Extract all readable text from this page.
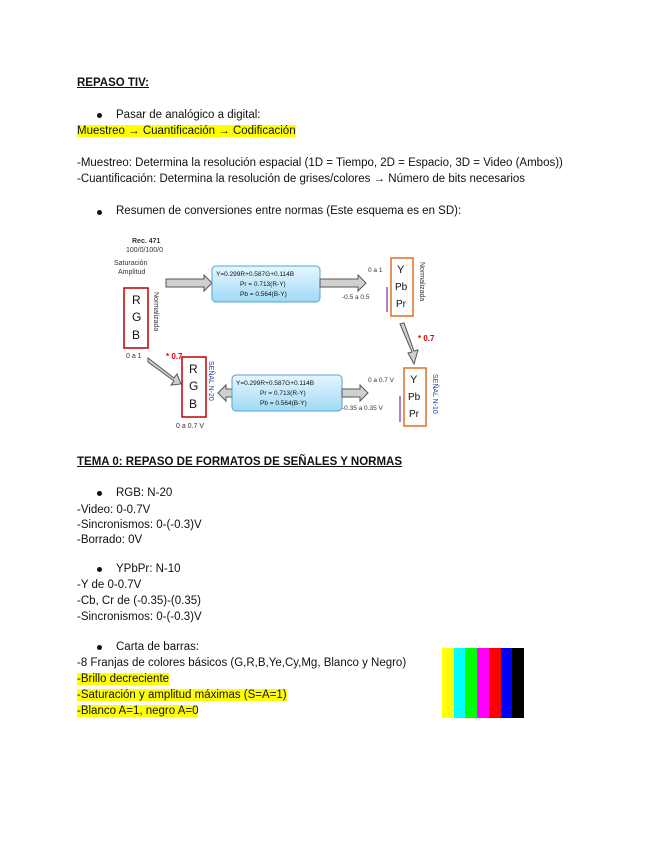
REPASO TIV:
Pasar de analógico a digital:
Muestreo → Cuantificación → Codificación
-Muestreo: Determina la resolución espacial (1D = Tiempo, 2D = Espacio, 3D = Video (Ambos))
-Cuantificación: Determina la resolución de grises/colores → Número de bits necesarios
Resumen de conversiones entre normas (Este esquema es en SD):
Rec. 471
100/0/100/0
Saturación
Amplitud
R
G
B
Normalizada
0 a 1
Y=0.299R+0.587G+0.114B
Pr = 0.713(R-Y)
Pb = 0.564(B-Y)
0 a 1
-0.5 a 0.5
Y
Pb
Pr
Normalizada
* 0.7
* 0.7
R
G
B
SEÑAL N-20
0 a 0.7 V
Y=0.299R+0.587G+0.114B
Pr = 0.713(R-Y)
Pb = 0.564(B-Y)
0 a 0.7 V
-0.35 a 0.35 V
Y
Pb
Pr
SEÑAL N-10
TEMA 0: REPASO DE FORMATOS DE SEÑALES Y NORMAS
RGB: N-20
-Video: 0-0.7V
-Sincronismos: 0-(-0.3)V
-Borrado: 0V
YPbPr: N-10
-Y de 0-0.7V
-Cb, Cr de (-0.35)-(0.35)
-Sincronismos: 0-(-0.3)V
Carta de barras:
-8 Franjas de colores básicos (G,R,B,Ye,Cy,Mg, Blanco y Negro)
-Brillo decreciente
-Saturación y amplitud máximas (S=A=1)
-Blanco A=1, negro A=0
